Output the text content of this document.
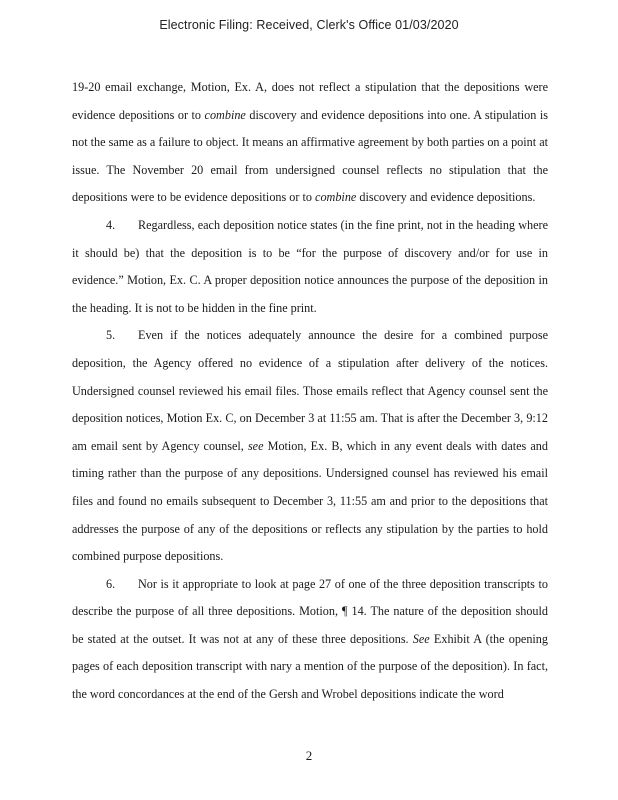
Electronic Filing: Received, Clerk's Office 01/03/2020

19-20 email exchange, Motion, Ex. A, does not reflect a stipulation that the depositions were evidence depositions or to combine discovery and evidence depositions into one. A stipulation is not the same as a failure to object. It means an affirmative agreement by both parties on a point at issue. The November 20 email from undersigned counsel reflects no stipulation that the depositions were to be evidence depositions or to combine discovery and evidence depositions.

4. Regardless, each deposition notice states (in the fine print, not in the heading where it should be) that the deposition is to be “for the purpose of discovery and/or for use in evidence.” Motion, Ex. C. A proper deposition notice announces the purpose of the deposition in the heading. It is not to be hidden in the fine print.

5. Even if the notices adequately announce the desire for a combined purpose deposition, the Agency offered no evidence of a stipulation after delivery of the notices. Undersigned counsel reviewed his email files. Those emails reflect that Agency counsel sent the deposition notices, Motion Ex. C, on December 3 at 11:55 am. That is after the December 3, 9:12 am email sent by Agency counsel, see Motion, Ex. B, which in any event deals with dates and timing rather than the purpose of any depositions. Undersigned counsel has reviewed his email files and found no emails subsequent to December 3, 11:55 am and prior to the depositions that addresses the purpose of any of the depositions or reflects any stipulation by the parties to hold combined purpose depositions.

6. Nor is it appropriate to look at page 27 of one of the three deposition transcripts to describe the purpose of all three depositions. Motion, ¶ 14. The nature of the deposition should be stated at the outset. It was not at any of these three depositions. See Exhibit A (the opening pages of each deposition transcript with nary a mention of the purpose of the deposition). In fact, the word concordances at the end of the Gersh and Wrobel depositions indicate the word

2
